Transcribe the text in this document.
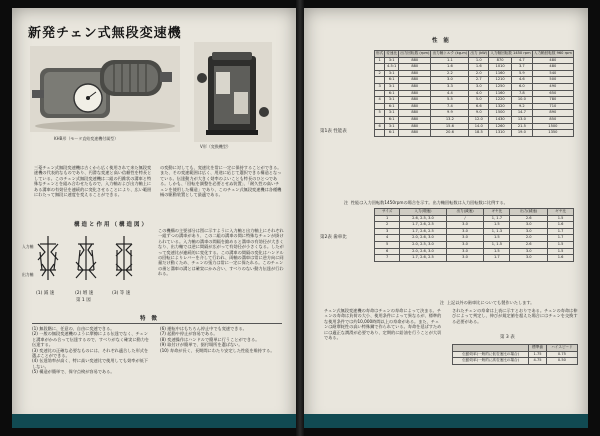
新発チェン式無段変速機
KHB形（モータ直結変速機付属型）
V形（変換機型）
三菱チェン式無段変速機は古くから広く使用されて来た無段変速機の代表的なものであり、円滑な変速と高い信頼性を特長としている。このチェン式無段変速機は二組の円錐状の溝車と特殊なチェンとを組み合わせたもので、入力軸および出力軸上にある溝車の有効径を連続的に変化させることにより、広い範囲にわたって無段に速度を変えることができる。
の変動に対しても、変速比を常に一定に保持することができる。また、その変速範囲は広く、用途に応じて選択できる構造となっている。伝達動力が大きく効率のよいことも特長のひとつである。しかも、「回転を調整を必要とせぬ装置」、「耐久性の高いチェンを使用した構造」であり、このチェン式無段変速機は各種機械の駆動装置として最適である。
構造と作用（構造図）
入力軸
出力軸
(1) 減 速	(2) 増 速	(3) 等 速
第 1 図
この機構の主要部分は図に示すように入力軸と出力軸上にそれぞれ一組ずつの溝車があり、この二組の溝車の間に特殊なチェンが掛けられている。入力軸の溝車の間隔を縮めると溝車の有効径が大きくなり、出力軸では逆に間隔が広がって有効径が小さくなる。したがって変速比が連続的に変化する。この溝車の間隔の変化はハンドルの回転によりレバーを介して行われ、両軸の溝車は常に逆方向に同量だけ動くため、チェンの張力は常に一定に保たれる。このチェンの歯と溝車の溝とは確実にかみ合い、すべりのない動力伝達が行われる。
特 徴
(1) 無段階に、任意の、自由に変速できる。
(2) 一般の無段変速機のように摩擦による伝達でなく、チェンと溝車がかみ合って伝達するので、すべりがなく確実に動力を伝達する。
(3) 変速比の正確な必要なものには、それぞれ適合した形式を選ぶことができる。
(4) 伝達効率が高く、特に高い変速比で使用しても効率が低下しない。
(5) 構造が簡単で、保守点検が容易である。
(6) 運転中はもちろん停止中でも変速できる。
(7) 起動や停止が容易である。
(8) 変速操作はハンドルで簡単に行うことができる。
(9) 取付けが簡単で、据付場所を選ばない。
(10) 寿命が長く、長期間にわたり安定した性能を維持する。
性 能
第1表 性能表
形式	変速比	出力回転数 (rpm)	出力軸トルク (kg-m)	出力 (kW)	入力軸回転数 1450 rpm		入力軸回転数 960 rpm
1	3:1	880	1.1	1.0	870	4.7	480
	4.5:1	880	1.6	1.6	1010	3.7	480
2	3:1	880	2.2	2.0	1160	5.9	540
	6:1	880	3.0	2.7	1210	4.6	500
3	3:1	880	3.3	3.0	1250	6.0	490
	6:1	880	4.4	4.0	1160	7.8	650
4	3:1	880	5.5	5.0	1220	10.0	780
	6:1	880	7.4	6.6	1320	9.2	710
5	3:1	880	9.9	9.0	1500	14.7	890
	6:1	880	13.2	12.0	1430	13.0	850
6	3:1	880	15.6	14.0	1260	21.5	1500
	6:1	880	20.6	18.5	1310	19.0	1350
注  性能は入力回転数1450rpmの場合を示す。出力軸回転数は入力回転数に比例する。
第2表 歯車比
サイズ	入力(増速)	出力(減速)	ギヤ比	出力(減速)	ギヤ比
1	2.6, 2.5, 3.0	/	1, 1.7	2.6	1.5
2	1.7, 2.6, 2.5	3.0	1.5	3.0	1.6
3	1.7, 2.6, 2.5	3.0	1, 1.3	3.0	1.7
4	2.0, 2.6, 3.0	3.0	1.5	2.0	1.7
5	2.0, 2.5, 3.0	3.0	1, 1.5	2.6	1.5
6	2.0, 2.6, 3.0	3.0	1.5	3.0	1.5
7	1.7, 2.6, 2.5	3.0	1.7	3.0	1.6
注  上記以外の歯車比についても製作いたします。
チェン式無段変速機の寿命はチェンの寿命によって決まる。チェンの寿命は負荷の大小、使用条件によって異なるが、標準的な使用条件では約10,000時間以上の寿命がある。また、チェンは耐摩耗性の高い特殊鋼で作られている。寿命を延ばすためには適正な潤滑が必要であり、定期的に給油を行うことが大切である。
されたチェンの寿命は上表に示すとおりである。チェンの寿命は伸びによって判定し、伸びが規定値を超えた場合にはチェンを交換する必要がある。
第 3 表
	標準値	ハイスピード
伝動効率(一般的に低変速比の場合)	1.75	0.75
伝動効率(一般的に高変速比の場合)	4.75	0.50
